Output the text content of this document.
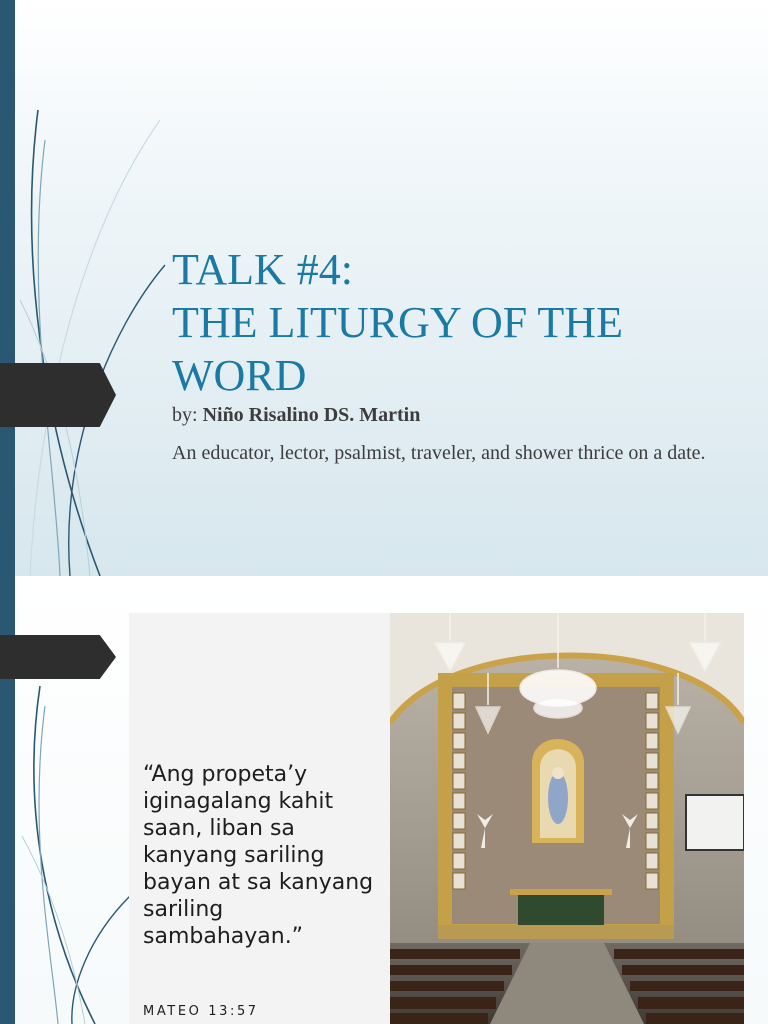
TALK #4:
THE LITURGY OF THE
WORD

by: Niño Risalino DS. Martin

An educator, lector, psalmist, traveler, and shower thrice on a date.

“Ang propeta’y iginagalang kahit saan, liban sa kanyang sariling bayan at sa kanyang sariling sambahayan.”

MATEO 13:57
